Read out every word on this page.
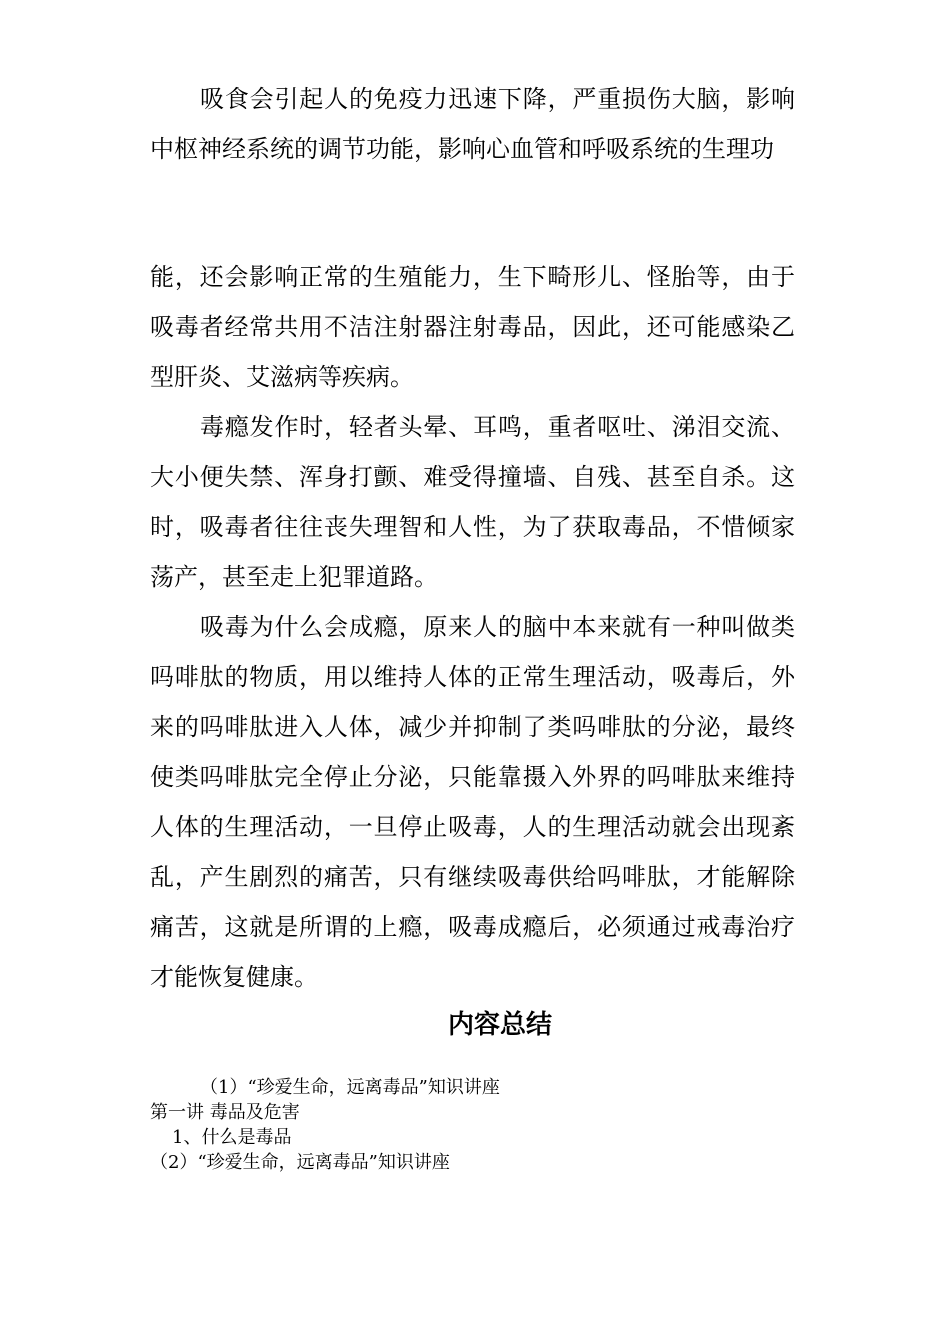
吸食会引起人的免疫力迅速下降，严重损伤大脑，影响中枢神经系统的调节功能，影响心血管和呼吸系统的生理功

能，还会影响正常的生殖能力，生下畸形儿、怪胎等，由于吸毒者经常共用不洁注射器注射毒品，因此，还可能感染乙型肝炎、艾滋病等疾病。

毒瘾发作时，轻者头晕、耳鸣，重者呕吐、涕泪交流、大小便失禁、浑身打颤、难受得撞墙、自残、甚至自杀。这时，吸毒者往往丧失理智和人性，为了获取毒品，不惜倾家荡产，甚至走上犯罪道路。

吸毒为什么会成瘾，原来人的脑中本来就有一种叫做类吗啡肽的物质，用以维持人体的正常生理活动，吸毒后，外来的吗啡肽进入人体，减少并抑制了类吗啡肽的分泌，最终使类吗啡肽完全停止分泌，只能靠摄入外界的吗啡肽来维持人体的生理活动，一旦停止吸毒，人的生理活动就会出现紊乱，产生剧烈的痛苦，只有继续吸毒供给吗啡肽，才能解除痛苦，这就是所谓的上瘾，吸毒成瘾后，必须通过戒毒治疗才能恢复健康。

内容总结

（1）“珍爱生命，远离毒品”知识讲座

第一讲 毒品及危害

1、什么是毒品

（2）“珍爱生命，远离毒品”知识讲座
